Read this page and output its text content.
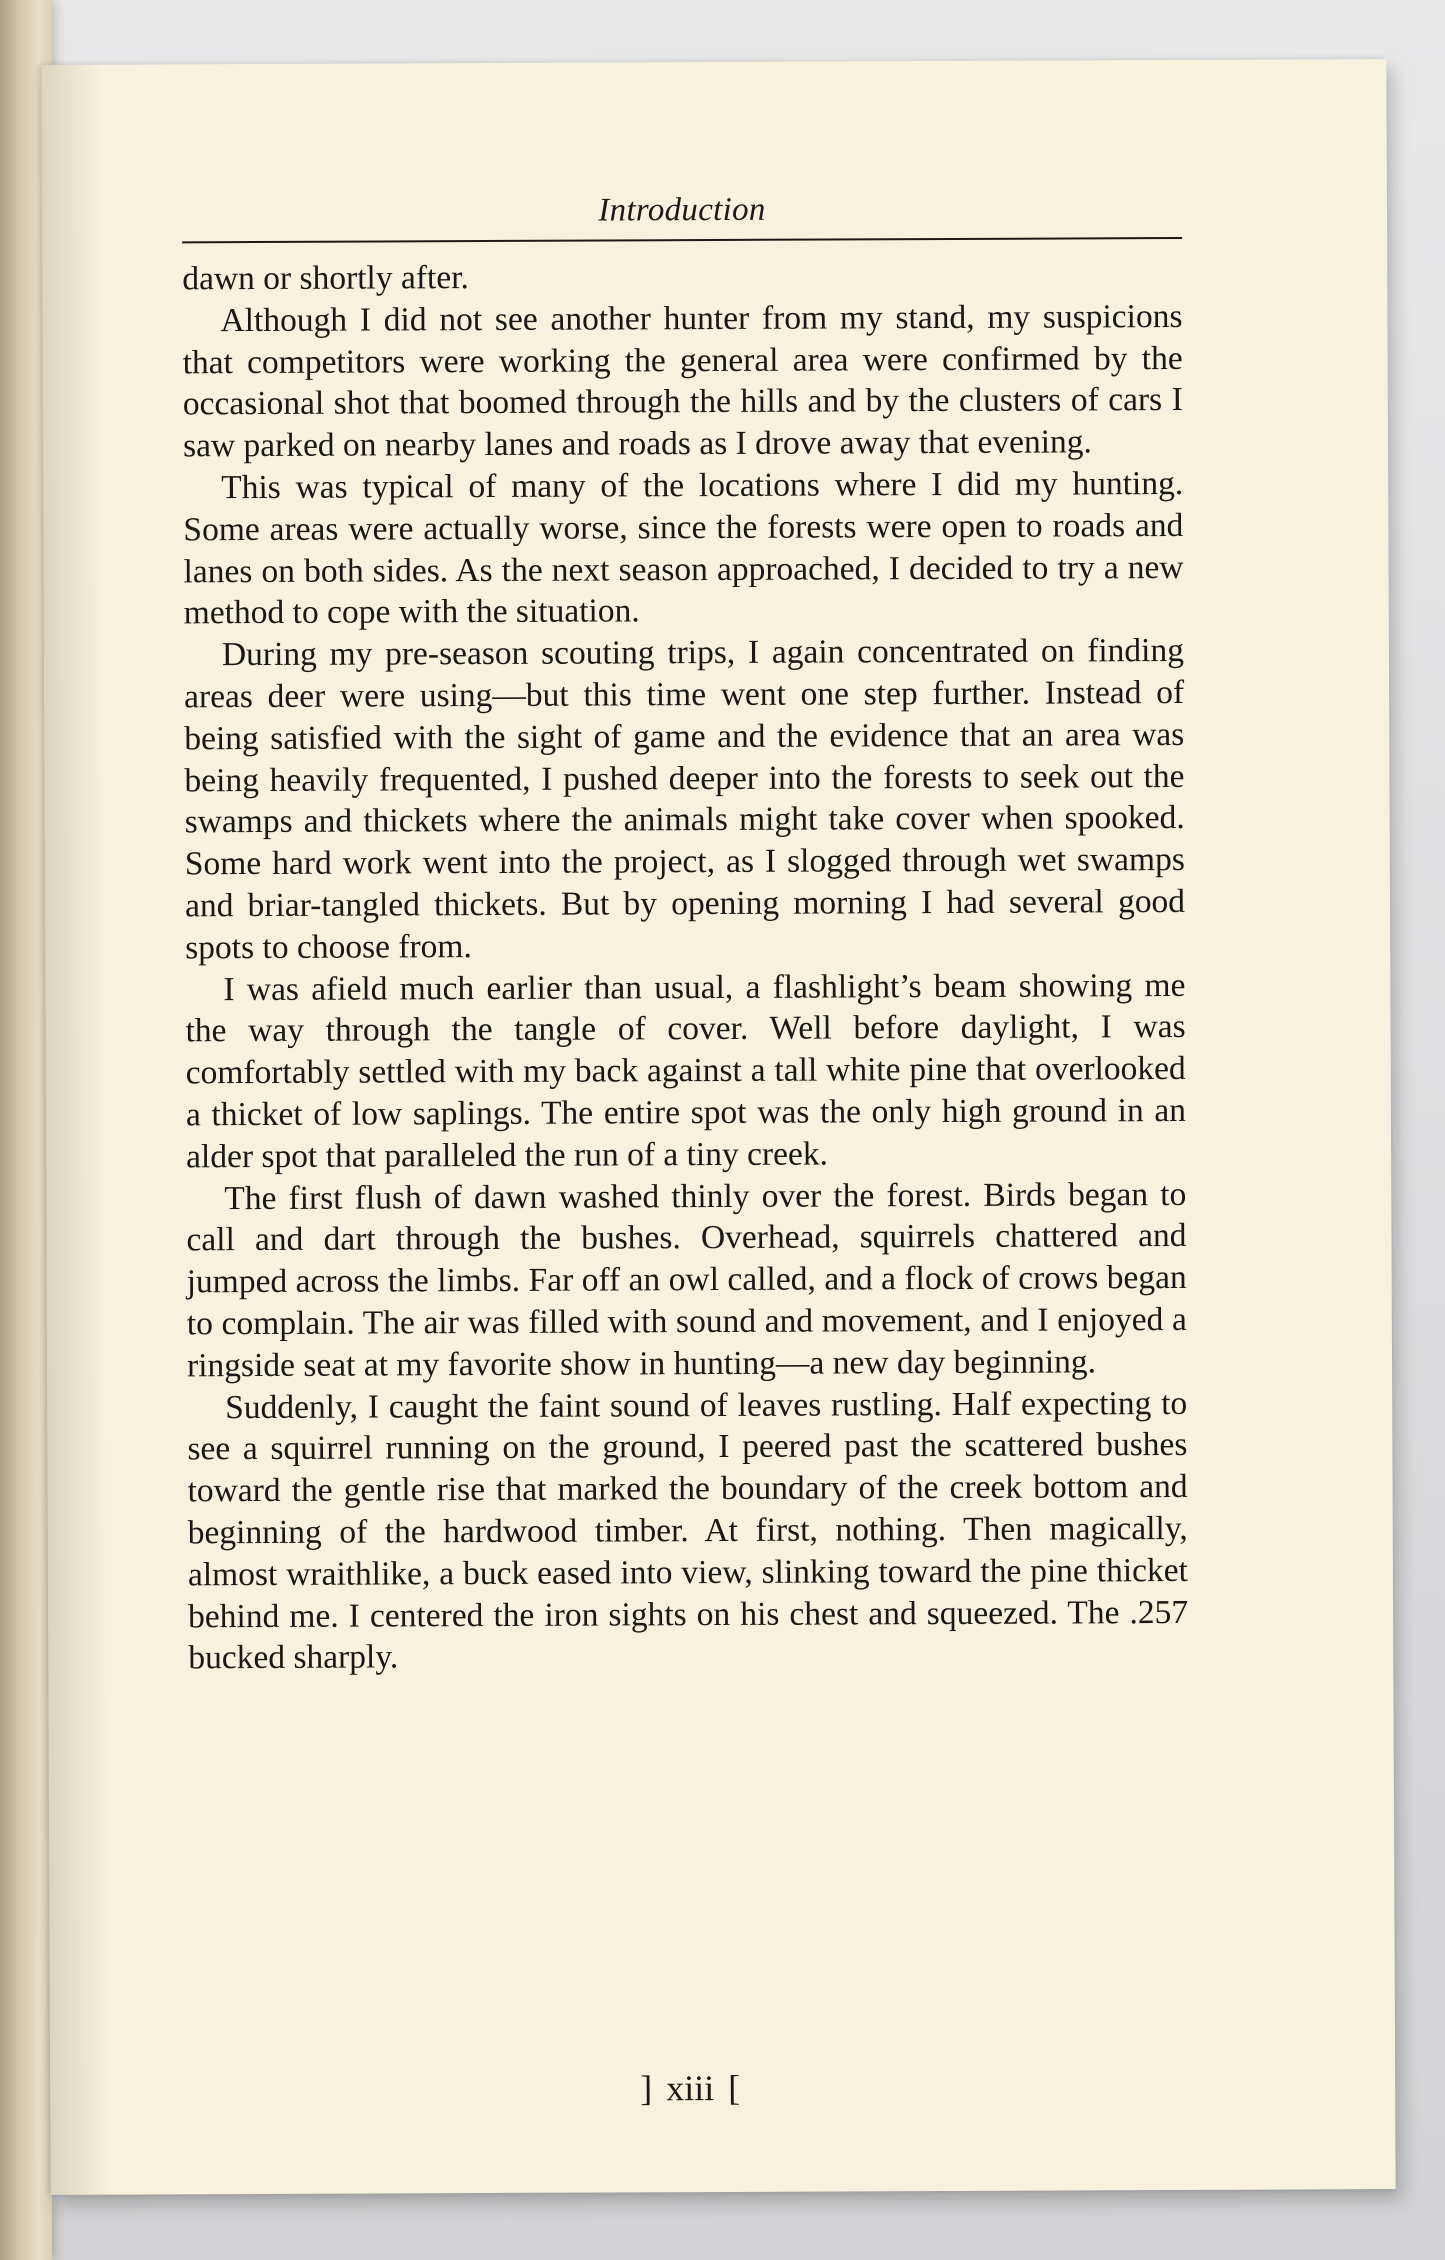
Introduction

dawn or shortly after.

Although I did not see another hunter from my stand, my suspicions that competitors were working the general area were confirmed by the occasional shot that boomed through the hills and by the clusters of cars I saw parked on nearby lanes and roads as I drove away that evening.

This was typical of many of the locations where I did my hunting. Some areas were actually worse, since the forests were open to roads and lanes on both sides. As the next season approached, I decided to try a new method to cope with the situation.

During my pre-season scouting trips, I again concentrated on finding areas deer were using—but this time went one step further. Instead of being satisfied with the sight of game and the evidence that an area was being heavily frequented, I pushed deeper into the forests to seek out the swamps and thickets where the animals might take cover when spooked. Some hard work went into the project, as I slogged through wet swamps and briar-tangled thickets. But by opening morning I had several good spots to choose from.

I was afield much earlier than usual, a flashlight’s beam showing me the way through the tangle of cover. Well before daylight, I was comfortably settled with my back against a tall white pine that overlooked a thicket of low saplings. The entire spot was the only high ground in an alder spot that paralleled the run of a tiny creek.

The first flush of dawn washed thinly over the forest. Birds began to call and dart through the bushes. Overhead, squirrels chattered and jumped across the limbs. Far off an owl called, and a flock of crows began to complain. The air was filled with sound and movement, and I enjoyed a ringside seat at my favorite show in hunting—a new day beginning.

Suddenly, I caught the faint sound of leaves rustling. Half expecting to see a squirrel running on the ground, I peered past the scattered bushes toward the gentle rise that marked the boundary of the creek bottom and beginning of the hardwood timber. At first, nothing. Then magically, almost wraithlike, a buck eased into view, slinking toward the pine thicket behind me. I centered the iron sights on his chest and squeezed. The .257 bucked sharply.

] xiii [
